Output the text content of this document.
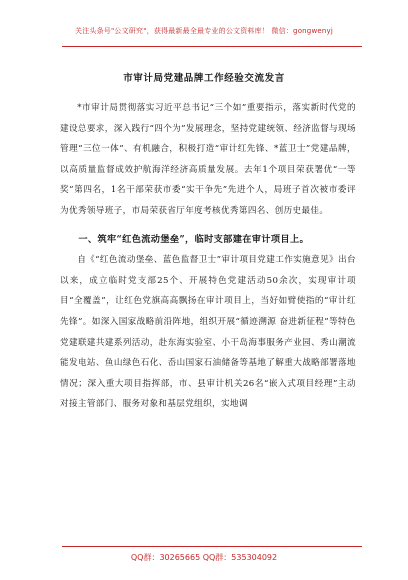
关注头条号"公文研究"，获得最新最全最专业的公文资料库！ 微信：gongwenyj
市审计局党建品牌工作经验交流发言

*市审计局贯彻落实习近平总书记“三个如”重要指示，落实新时代党的建设总要求，深入践行“四个为”发展理念，坚持党建统领、经济监督与现场管理“三位一体”、有机融合，积极打造“审计红先锋、*蓝卫士”党建品牌，以高质量监督成效护航海洋经济高质量发展。去年1个项目荣获署优“一等奖”第四名，1名干部荣获市委“实干争先”先进个人，局班子首次被市委评为优秀领导班子，市局荣获省厅年度考核优秀第四名、创历史最佳。

一、筑牢“红色流动堡垒”，临时支部建在审计项目上。

自《“红色流动堡垒、蓝色监督卫士”审计项目党建工作实施意见》出台以来，成立临时党支部25个、开展特色党建活动50余次，实现审计项目“全覆盖”，让红色党旗高高飘扬在审计项目上，当好如臂使指的“审计红先锋”。如深入国家战略前沿阵地，组织开展“循迹溯源 奋进新征程”等特色党建联建共建系列活动，赴东海实验室、小干岛海事服务产业园、秀山潮流能发电站、鱼山绿色石化、岙山国家石油储备等基地了解重大战略部署落地情况；深入重大项目指挥部，市、县审计机关26名“嵌入式项目经理”主动对接主管部门、服务对象和基层党组织，实地调

QQ群：30265665 QQ群：535304092
